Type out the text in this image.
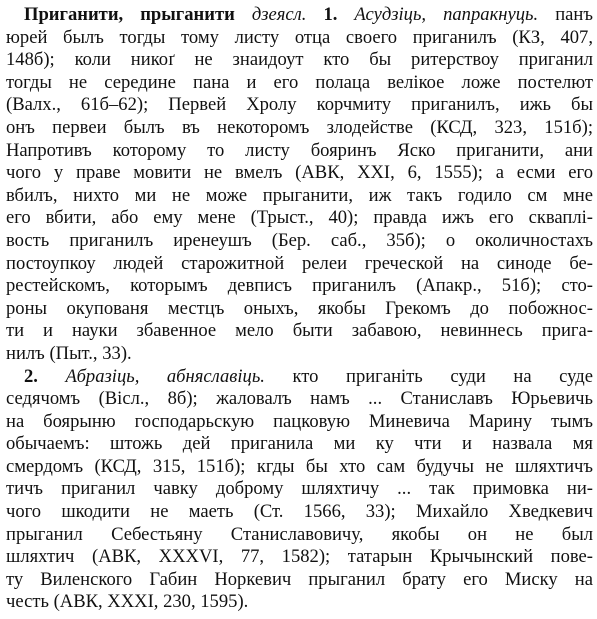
Приганити, прыганити дзеясл. 1. Асудзіць, папракнуць. панъ
юрей былъ тогды тому листу отца своего приганилъ (КЗ, 407,
148б); коли никоґ не знаидоут кто бы ритерствоу приганил
тогды не середине пана и его полаца велікое ложе постелют
(Валх., 61б–62); Первей Хролу корчмиту приганилъ, ижь бы
онъ первеи былъ въ некоторомъ злодействе (КСД, 323, 151б);
Напротивъ которому то листу бояринъ Яско приганити, ани
чого у праве мовити не вмелъ (АВК, XXI, 6, 1555); а есми его
вбилъ, нихто ми не може прыганити, иж такъ годило см мне
его вбити, або ему мене (Трыст., 40); правда ижъ его скваплі-
вость приганилъ иренеушъ (Бер. саб., 35б); о околичностахъ
постоупкоу людей старожитной релеи греческой на синоде бе-
рестейскомъ, которымъ девписъ приганилъ (Апакр., 51б); сто-
роны окупованя местцъ оныхъ, якобы Грекомъ до побожнос-
ти и науки збавенное мело быти забавою, невиннесь прига-
нилъ (Пыт., 33).
2. Абразіць, абняславіць. кто приганіть суди на суде
седячомъ (Вісл., 8б); жаловалъ намъ ... Станиславъ Юрьевичь
на боярыню господарьскую пацковую Миневича Марину тымъ
обычаемъ: штожь дей приганила ми ку чти и назвала мя
смердомъ (КСД, 315, 151б); кгды бы хто сам будучы не шляхтичъ
тичъ приганил чавку доброму шляхтичу ... так примовка ни-
чого шкодити не маеть (Ст. 1566, 33); Михайло Хведкевич
прыганил Себестьяну Станиславовичу, якобы он не был
шляхтич (АВК, XXXVI, 77, 1582); татарын Крычынский пове-
ту Виленского Габин Норкевич прыганил брату его Миску на
честь (АВК, XXXI, 230, 1595).
